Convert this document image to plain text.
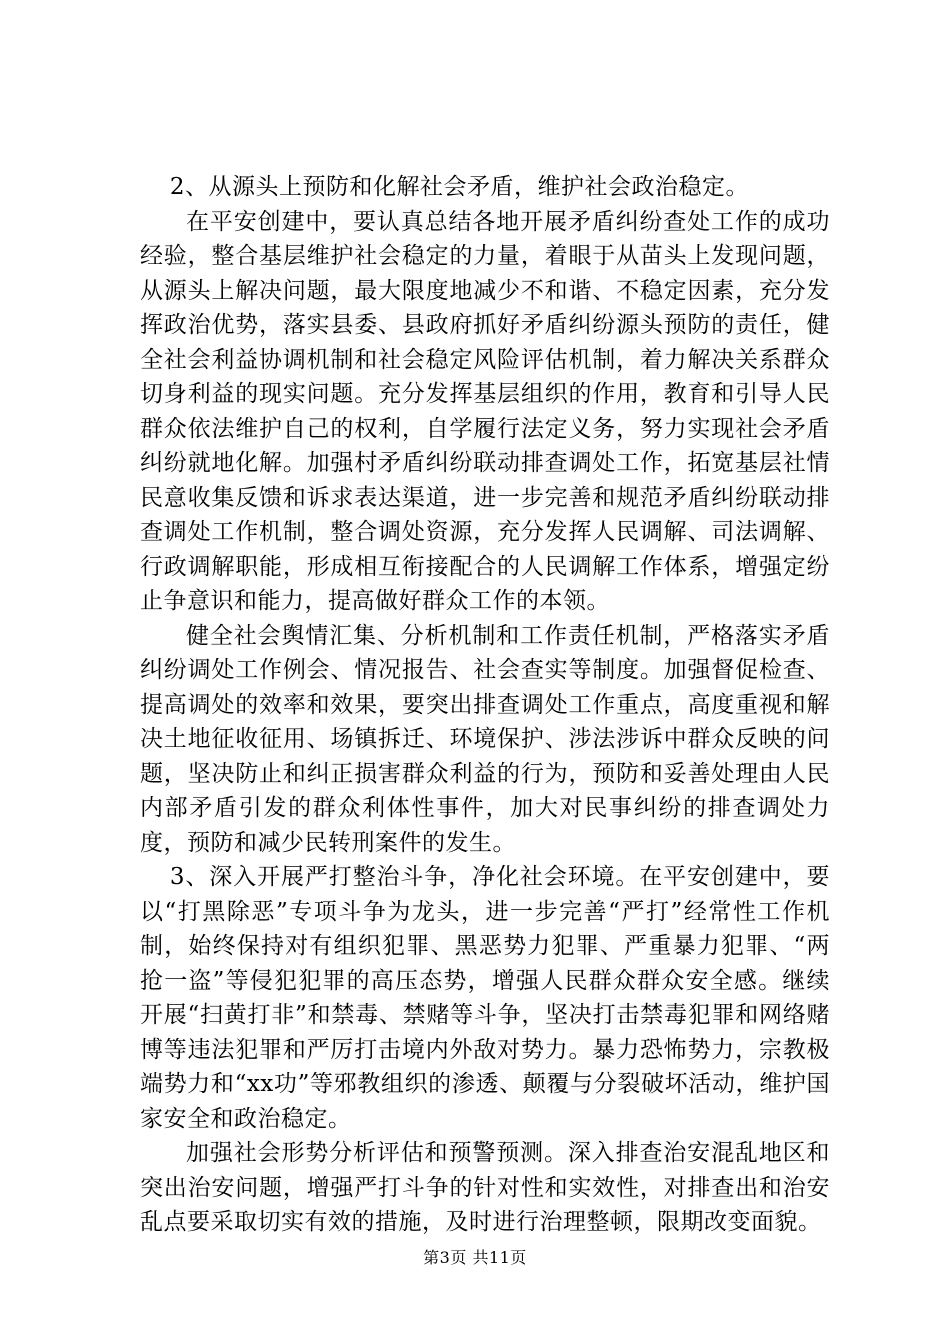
2、从源头上预防和化解社会矛盾，维护社会政治稳定。

在平安创建中，要认真总结各地开展矛盾纠纷查处工作的成功经验，整合基层维护社会稳定的力量，着眼于从苗头上发现问题，从源头上解决问题，最大限度地减少不和谐、不稳定因素，充分发挥政治优势，落实县委、县政府抓好矛盾纠纷源头预防的责任，健全社会利益协调机制和社会稳定风险评估机制，着力解决关系群众切身利益的现实问题。充分发挥基层组织的作用，教育和引导人民群众依法维护自己的权利，自学履行法定义务，努力实现社会矛盾纠纷就地化解。加强村矛盾纠纷联动排查调处工作，拓宽基层社情民意收集反馈和诉求表达渠道，进一步完善和规范矛盾纠纷联动排查调处工作机制，整合调处资源，充分发挥人民调解、司法调解、行政调解职能，形成相互衔接配合的人民调解工作体系，增强定纷止争意识和能力，提高做好群众工作的本领。

健全社会舆情汇集、分析机制和工作责任机制，严格落实矛盾纠纷调处工作例会、情况报告、社会查实等制度。加强督促检查、提高调处的效率和效果，要突出排查调处工作重点，高度重视和解决土地征收征用、场镇拆迁、环境保护、涉法涉诉中群众反映的问题，坚决防止和纠正损害群众利益的行为，预防和妥善处理由人民内部矛盾引发的群众利体性事件，加大对民事纠纷的排查调处力度，预防和减少民转刑案件的发生。

3、深入开展严打整治斗争，净化社会环境。在平安创建中，要以“打黑除恶”专项斗争为龙头，进一步完善“严打”经常性工作机制，始终保持对有组织犯罪、黑恶势力犯罪、严重暴力犯罪、“两抢一盗”等侵犯犯罪的高压态势，增强人民群众群众安全感。继续开展“扫黄打非”和禁毒、禁赌等斗争，坚决打击禁毒犯罪和网络赌博等违法犯罪和严厉打击境内外敌对势力。暴力恐怖势力，宗教极端势力和“xx功”等邪教组织的渗透、颠覆与分裂破坏活动，维护国家安全和政治稳定。

加强社会形势分析评估和预警预测。深入排查治安混乱地区和突出治安问题，增强严打斗争的针对性和实效性，对排查出和治安乱点要采取切实有效的措施，及时进行治理整顿，限期改变面貌。

第3页 共11页
